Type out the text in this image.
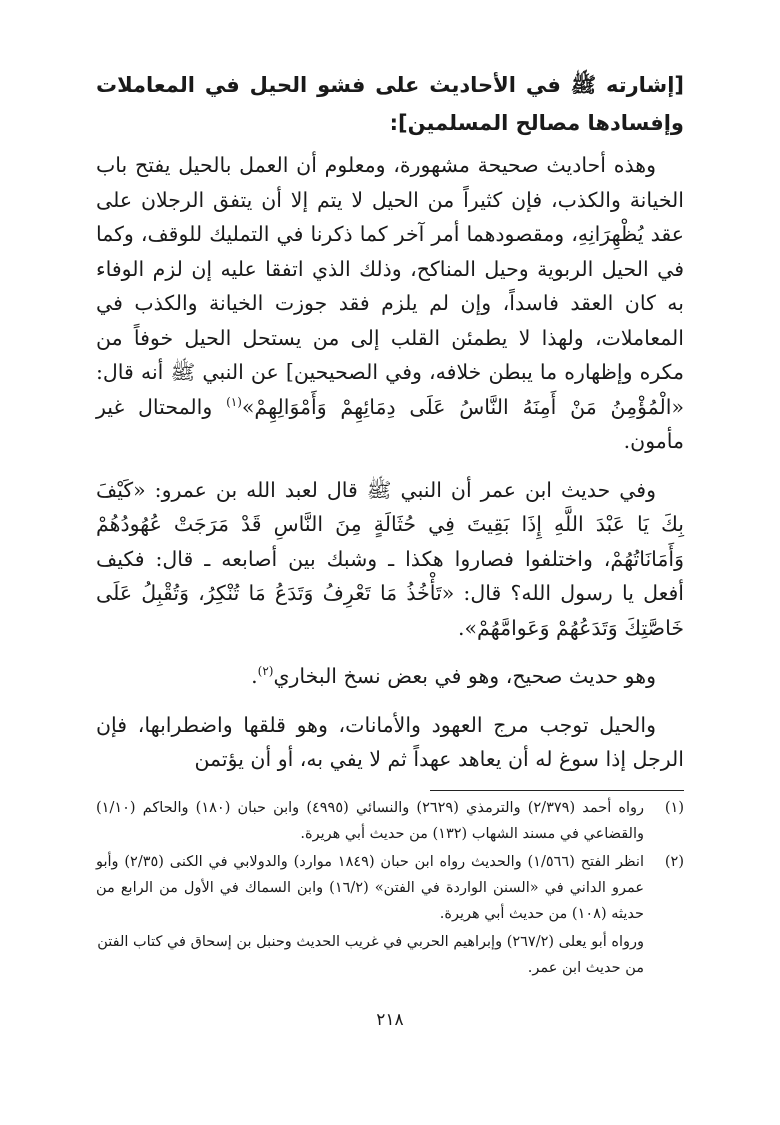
[إشارته ﷺ في الأحاديث على فشو الحيل في المعاملات وإفسادها مصالح المسلمين]:

وهذه أحاديث صحيحة مشهورة، ومعلوم أن العمل بالحيل يفتح باب الخيانة والكذب، فإن كثيراً من الحيل لا يتم إلا أن يتفق الرجلان على عقد يُظْهِرَانِهِ، ومقصودهما أمر آخر كما ذكرنا في التمليك للوقف، وكما في الحيل الربوية وحيل المناكح، وذلك الذي اتفقا عليه إن لزم الوفاء به كان العقد فاسداً، وإن لم يلزم فقد جوزت الخيانة والكذب في المعاملات، ولهذا لا يطمئن القلب إلى من يستحل الحيل خوفاً من مكره وإظهاره ما يبطن خلافه، وفي الصحيحين] عن النبي ﷺ أنه قال: «الْمُؤْمِنُ مَنْ أَمِنَهُ النَّاسُ عَلَى دِمَائِهِمْ وَأَمْوَالِهِمْ»$^{(١)}$ والمحتال غير مأمون.

وفي حديث ابن عمر أن النبي ﷺ قال لعبد الله بن عمرو: «كَيْفَ بِكَ يَا عَبْدَ اللَّهِ إِذَا بَقِيتَ فِي حُثَالَةٍ مِنَ النَّاسِ قَدْ مَرَجَتْ عُهُودُهُمْ وَأَمَانَاتُهُمْ، واختلفوا فصاروا هكذا ـ وشبك بين أصابعه ـ قال: فكيف أفعل يا رسول الله؟ قال: «تَأْخُذُ مَا تَعْرِفُ وَتَدَعُ مَا تُنْكِرُ، وَتُقْبِلُ عَلَى خَاصَّتِكَ وَتَدَعُهُمْ وَعَوامَّهُمْ».

وهو حديث صحيح، وهو في بعض نسخ البخاري$^{(٢)}$.

والحيل توجب مرج العهود والأمانات، وهو قلقها واضطرابها، فإن الرجل إذا سوغ له أن يعاهد عهداً ثم لا يفي به، أو أن يؤتمن

(١)
رواه أحمد (٢/٣٧٩) والترمذي (٢٦٢٩) والنسائي (٤٩٩٥) وابن حبان (١٨٠) والحاكم (١/١٠) والقضاعي في مسند الشهاب (١٣٢) من حديث أبي هريرة.
(٢)
انظر الفتح (١/٥٦٦) والحديث رواه ابن حبان (١٨٤٩ موارد) والدولابي في الكنى (٢/٣٥) وأبو عمرو الداني في «السنن الواردة في الفتن» (١٦/٢) وابن السماك في الأول من الرابع من حديثه (١٠٨) من حديث أبي هريرة.
ورواه أبو يعلى (٢٦٧/٢) وإبراهيم الحربي في غريب الحديث وحنبل بن إسحاق في كتاب الفتن من حديث ابن عمر.
٢١٨
